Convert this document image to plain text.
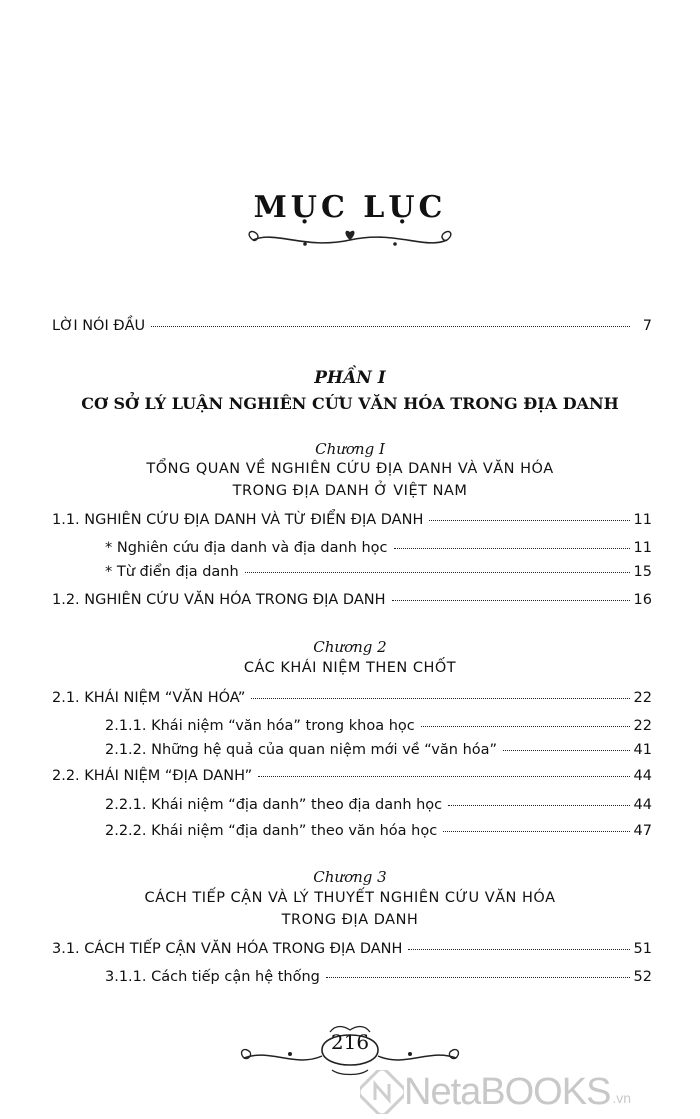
MỤC LỤC
LỜI NÓI ĐẦU	7
PHẦN I
CƠ SỞ LÝ LUẬN NGHIÊN CỨU VĂN HÓA TRONG ĐỊA DANH
Chương I
TỔNG QUAN VỀ NGHIÊN CỨU ĐỊA DANH VÀ VĂN HÓA
TRONG ĐỊA DANH Ở VIỆT NAM
1.1. NGHIÊN CỨU ĐỊA DANH VÀ TỪ ĐIỂN ĐỊA DANH	11
* Nghiên cứu địa danh và địa danh học	11
* Từ điển địa danh	15
1.2. NGHIÊN CỨU VĂN HÓA TRONG ĐỊA DANH	16
Chương 2
CÁC KHÁI NIỆM THEN CHỐT
2.1. KHÁI NIỆM “VĂN HÓA”	22
2.1.1. Khái niệm “văn hóa” trong khoa học	22
2.1.2. Những hệ quả của quan niệm mới về “văn hóa”	41
2.2. KHÁI NIỆM “ĐỊA DANH”	44
2.2.1. Khái niệm “địa danh” theo địa danh học	44
2.2.2. Khái niệm “địa danh” theo văn hóa học	47
Chương 3
CÁCH TIẾP CẬN VÀ LÝ THUYẾT NGHIÊN CỨU VĂN HÓA
TRONG ĐỊA DANH
3.1. CÁCH TIẾP CẬN VĂN HÓA TRONG ĐỊA DANH	51
3.1.1. Cách tiếp cận hệ thống	52
216
NetaBOOKS .vn
